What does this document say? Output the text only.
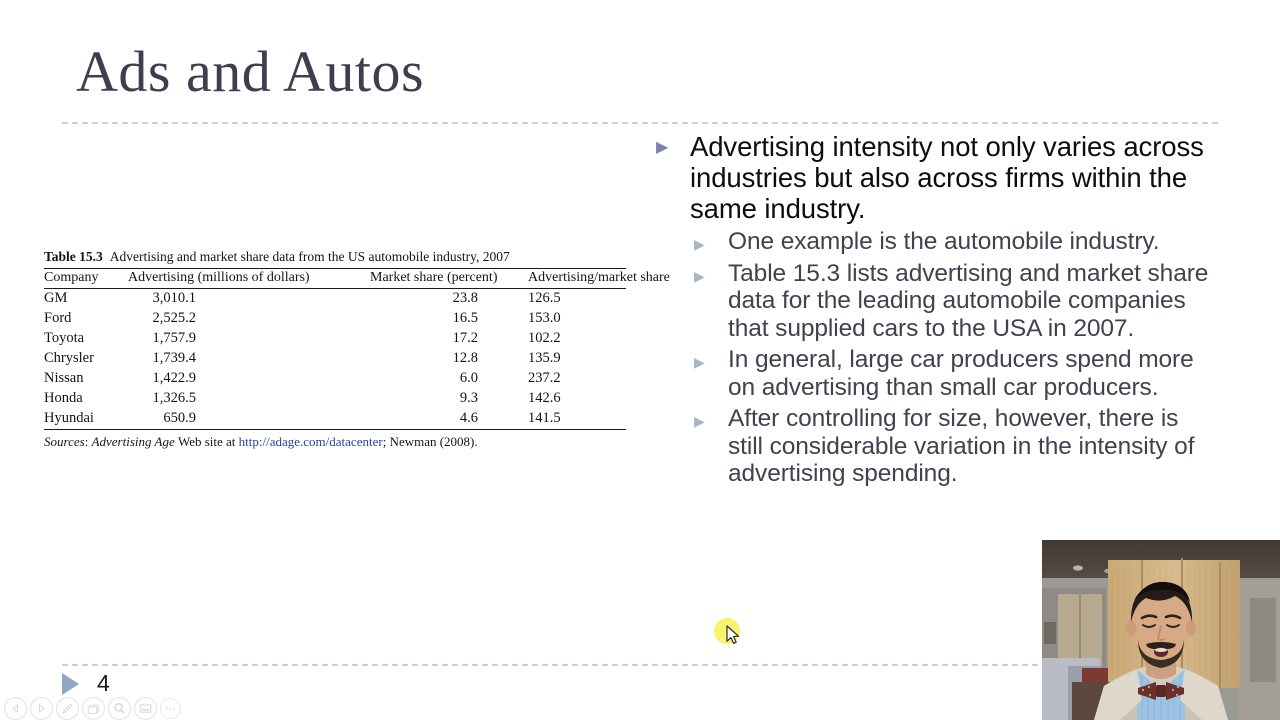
Ads and Autos
Table 15.3 Advertising and market share data from the US automobile industry, 2007
Company	Advertising (millions of dollars)	Market share (percent)	Advertising/market share
GM	3,010.1	23.8	126.5
Ford	2,525.2	16.5	153.0
Toyota	1,757.9	17.2	102.2
Chrysler	1,739.4	12.8	135.9
Nissan	1,422.9	6.0	237.2
Honda	1,326.5	9.3	142.6
Hyundai	650.9	4.6	141.5
Sources: Advertising Age Web site at http://adage.com/datacenter; Newman (2008).
▶ Advertising intensity not only varies across industries but also across firms within the same industry.
▶ One example is the automobile industry.
▶ Table 15.3 lists advertising and market share data for the leading automobile companies that supplied cars to the USA in 2007.
▶ In general, large car producers spend more on advertising than small car producers.
▶ After controlling for size, however, there is still considerable variation in the intensity of advertising spending.
4
